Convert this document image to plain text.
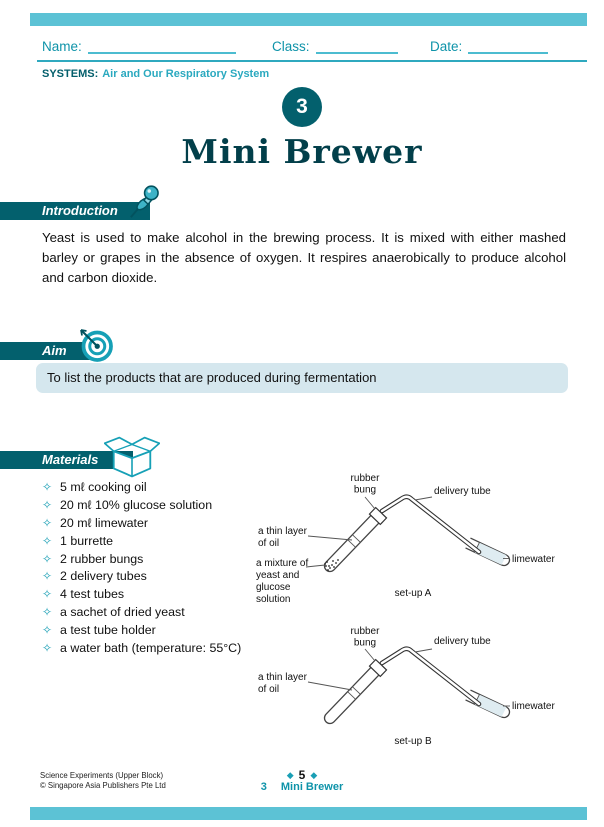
Name:	Class:	Date:
SYSTEMS: Air and Our Respiratory System
3
Mini Brewer
Introduction

Yeast is used to make alcohol in the brewing process. It is mixed with either mashed barley or grapes in the absence of oxygen. It respires anaerobically to produce alcohol and carbon dioxide.

Aim
To list the products that are produced during fermentation
Materials
✧ 5 mℓ cooking oil
✧ 20 mℓ 10% glucose solution
✧ 20 mℓ limewater
✧ 1 burrette
✧ 2 rubber bungs
✧ 2 delivery tubes
✧ 4 test tubes
✧ a sachet of dried yeast
✧ a test tube holder
✧ a water bath (temperature: 55°C)
rubber
bung	delivery tube
a thin layer
of oil
a mixture of
yeast and
glucose
solution
limewater
set-up A
rubber
bung	delivery tube
a thin layer
of oil
limewater
set-up B
Science Experiments (Upper Block)
© Singapore Asia Publishers Pte Ltd
◆ 5 ◆
3 Mini Brewer
